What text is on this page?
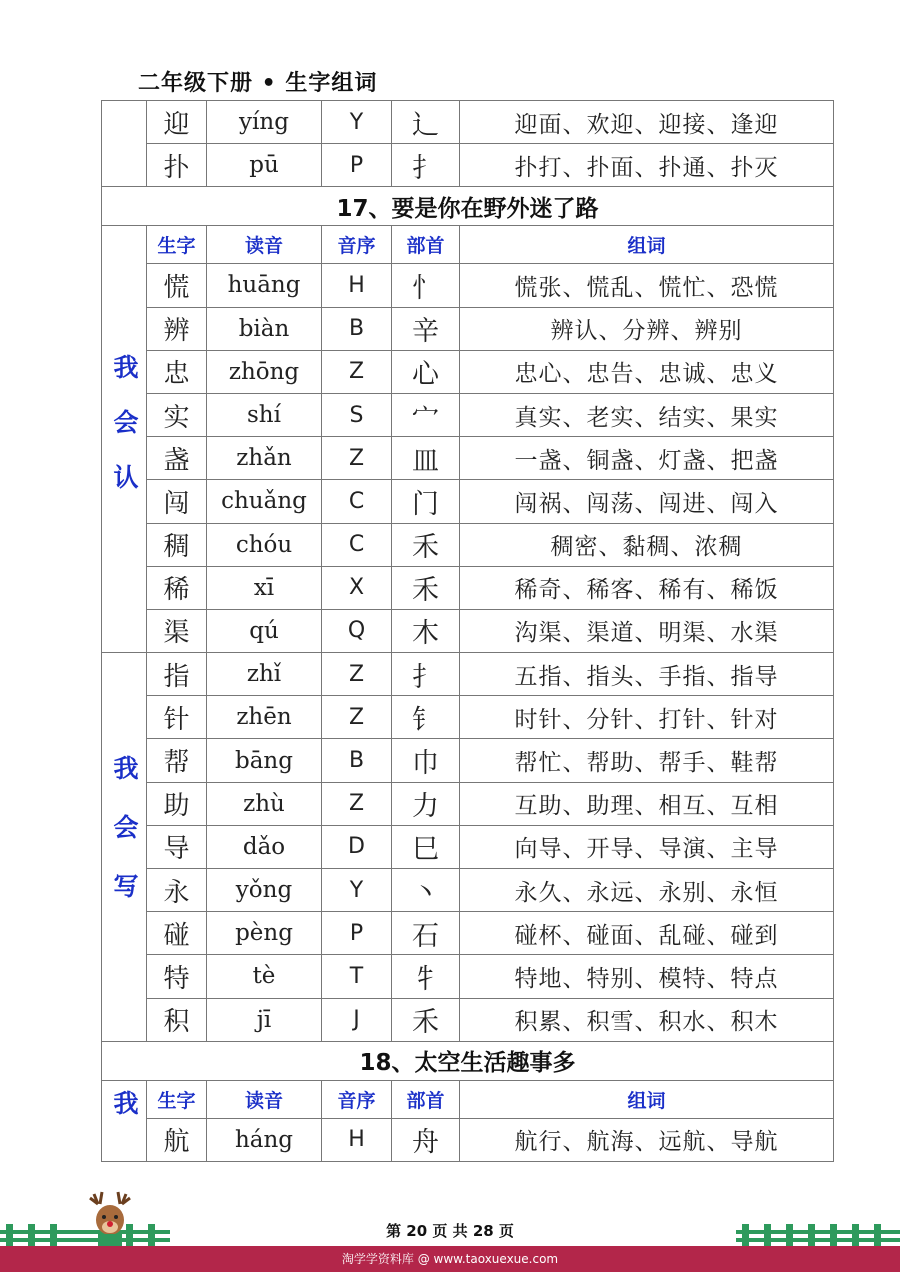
二年级下册 • 生字组词
	迎	yíng	Y	辶	迎面、欢迎、迎接、逢迎
	扑	pū	P	扌	扑打、扑面、扑通、扑灭
17、要是你在野外迷了路					
我会认	生字	读音	音序	部首	组词
	慌	huāng	H	忄	慌张、慌乱、慌忙、恐慌
	辨	biàn	B	辛	辨认、分辨、辨别
	忠	zhōng	Z	心	忠心、忠告、忠诚、忠义
	实	shí	S	宀	真实、老实、结实、果实
	盏	zhǎn	Z	皿	一盏、铜盏、灯盏、把盏
	闯	chuǎng	C	门	闯祸、闯荡、闯进、闯入
	稠	chóu	C	禾	稠密、黏稠、浓稠
	稀	xī	X	禾	稀奇、稀客、稀有、稀饭
	渠	qú	Q	木	沟渠、渠道、明渠、水渠
我会写	指	zhǐ	Z	扌	五指、指头、手指、指导
	针	zhēn	Z	钅	时针、分针、打针、针对
	帮	bāng	B	巾	帮忙、帮助、帮手、鞋帮
	助	zhù	Z	力	互助、助理、相互、互相
	导	dǎo	D	巳	向导、开导、导演、主导
	永	yǒng	Y	丶	永久、永远、永别、永恒
	碰	pèng	P	石	碰杯、碰面、乱碰、碰到
	特	tè	T	牜	特地、特别、模特、特点
	积	jī	J	禾	积累、积雪、积水、积木
18、太空生活趣事多					
我	生字	读音	音序	部首	组词
	航	háng	H	舟	航行、航海、远航、导航
第 20 页 共 28 页
淘学学资料库 @ www.taoxuexue.com
